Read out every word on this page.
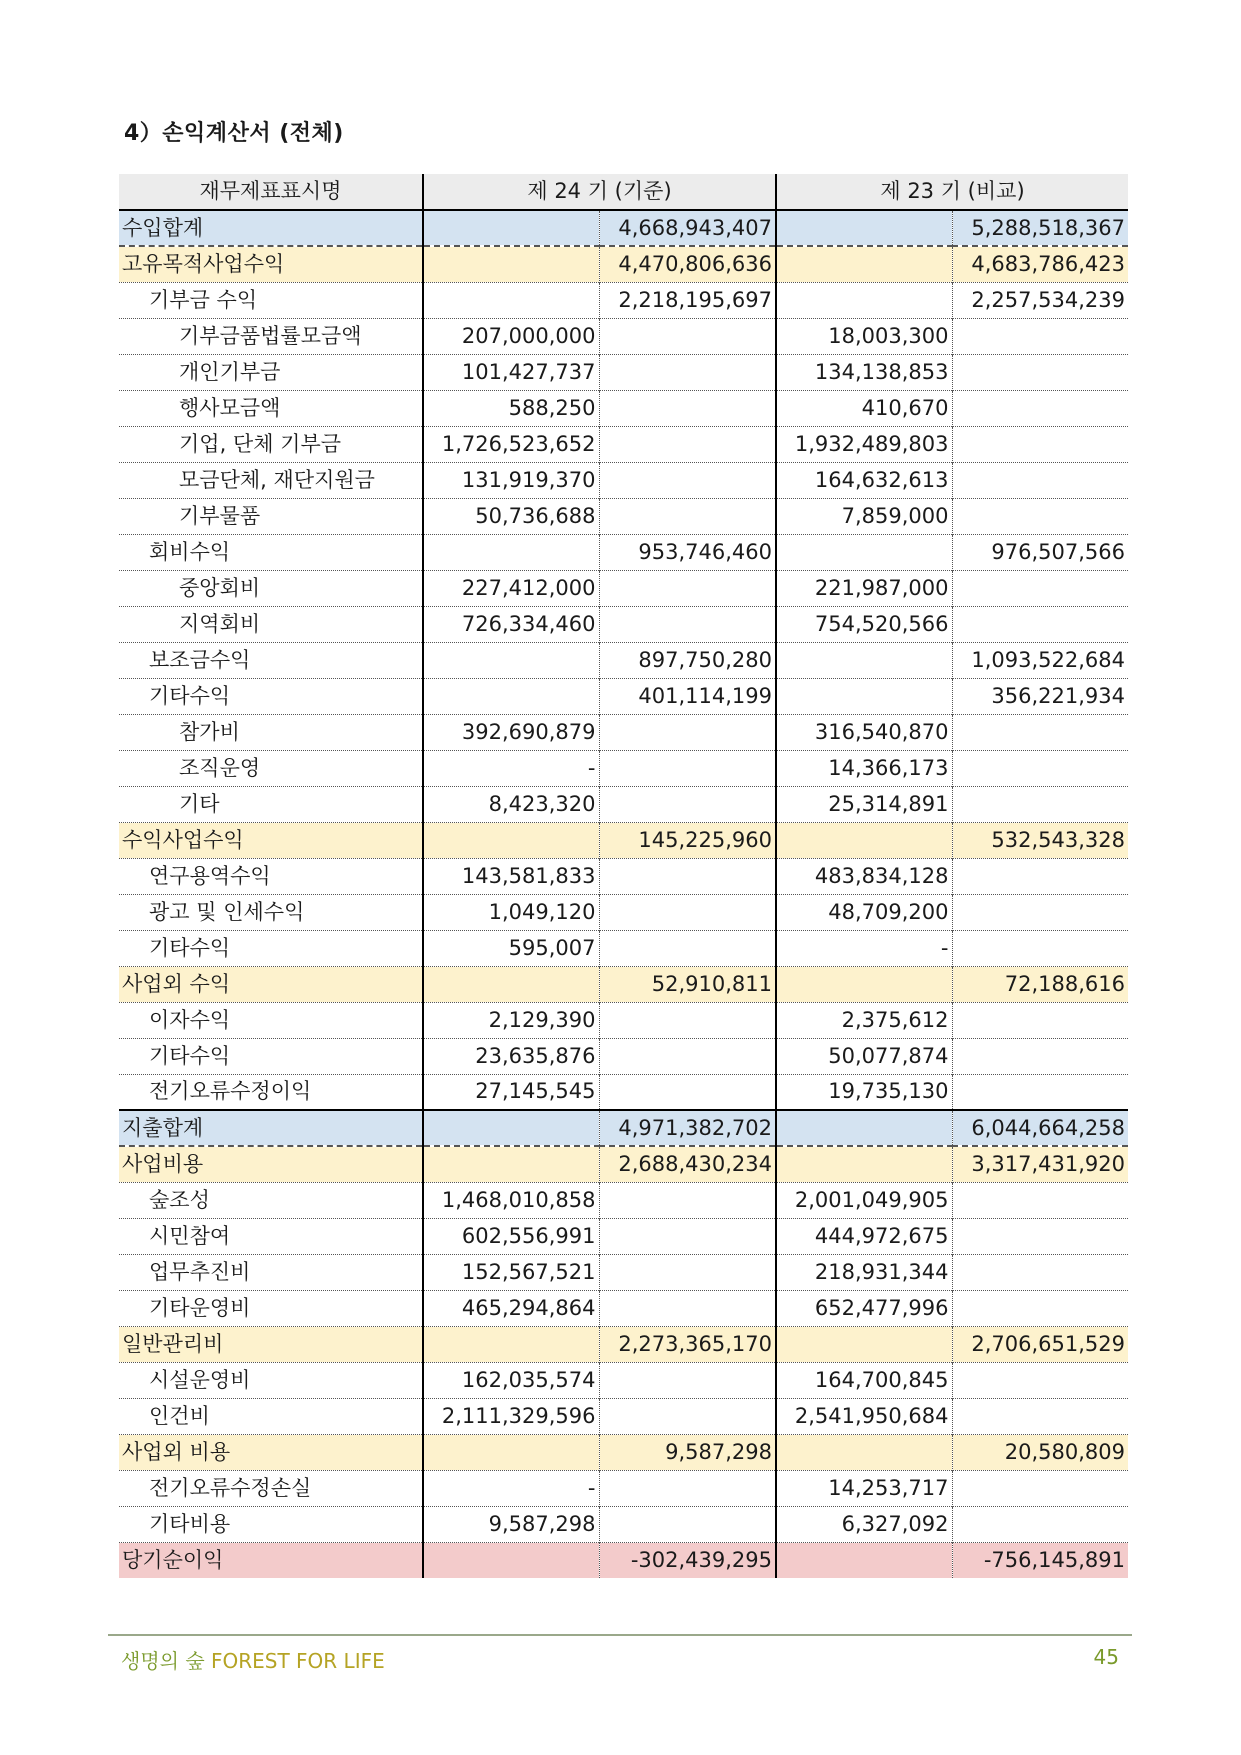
4）손익계산서 (전체)
재무제표표시명	제 24 기 (기준)		제 23 기 (비교)	
수입합계		4,668,943,407		5,288,518,367
고유목적사업수익		4,470,806,636		4,683,786,423
기부금 수익		2,218,195,697		2,257,534,239
기부금품법률모금액	207,000,000		18,003,300	
개인기부금	101,427,737		134,138,853	
행사모금액	588,250		410,670	
기업, 단체 기부금	1,726,523,652		1,932,489,803	
모금단체, 재단지원금	131,919,370		164,632,613	
기부물품	50,736,688		7,859,000	
회비수익		953,746,460		976,507,566
중앙회비	227,412,000		221,987,000	
지역회비	726,334,460		754,520,566	
보조금수익		897,750,280		1,093,522,684
기타수익		401,114,199		356,221,934
참가비	392,690,879		316,540,870	
조직운영	-		14,366,173	
기타	8,423,320		25,314,891	
수익사업수익		145,225,960		532,543,328
연구용역수익	143,581,833		483,834,128	
광고 및 인세수익	1,049,120		48,709,200	
기타수익	595,007		-	
사업외 수익		52,910,811		72,188,616
이자수익	2,129,390		2,375,612	
기타수익	23,635,876		50,077,874	
전기오류수정이익	27,145,545		19,735,130	
지출합계		4,971,382,702		6,044,664,258
사업비용		2,688,430,234		3,317,431,920
숲조성	1,468,010,858		2,001,049,905	
시민참여	602,556,991		444,972,675	
업무추진비	152,567,521		218,931,344	
기타운영비	465,294,864		652,477,996	
일반관리비		2,273,365,170		2,706,651,529
시설운영비	162,035,574		164,700,845	
인건비	2,111,329,596		2,541,950,684	
사업외 비용		9,587,298		20,580,809
전기오류수정손실	-		14,253,717	
기타비용	9,587,298		6,327,092	
당기순이익		-302,439,295		-756,145,891
생명의 숲 FOREST FOR LIFE	45
